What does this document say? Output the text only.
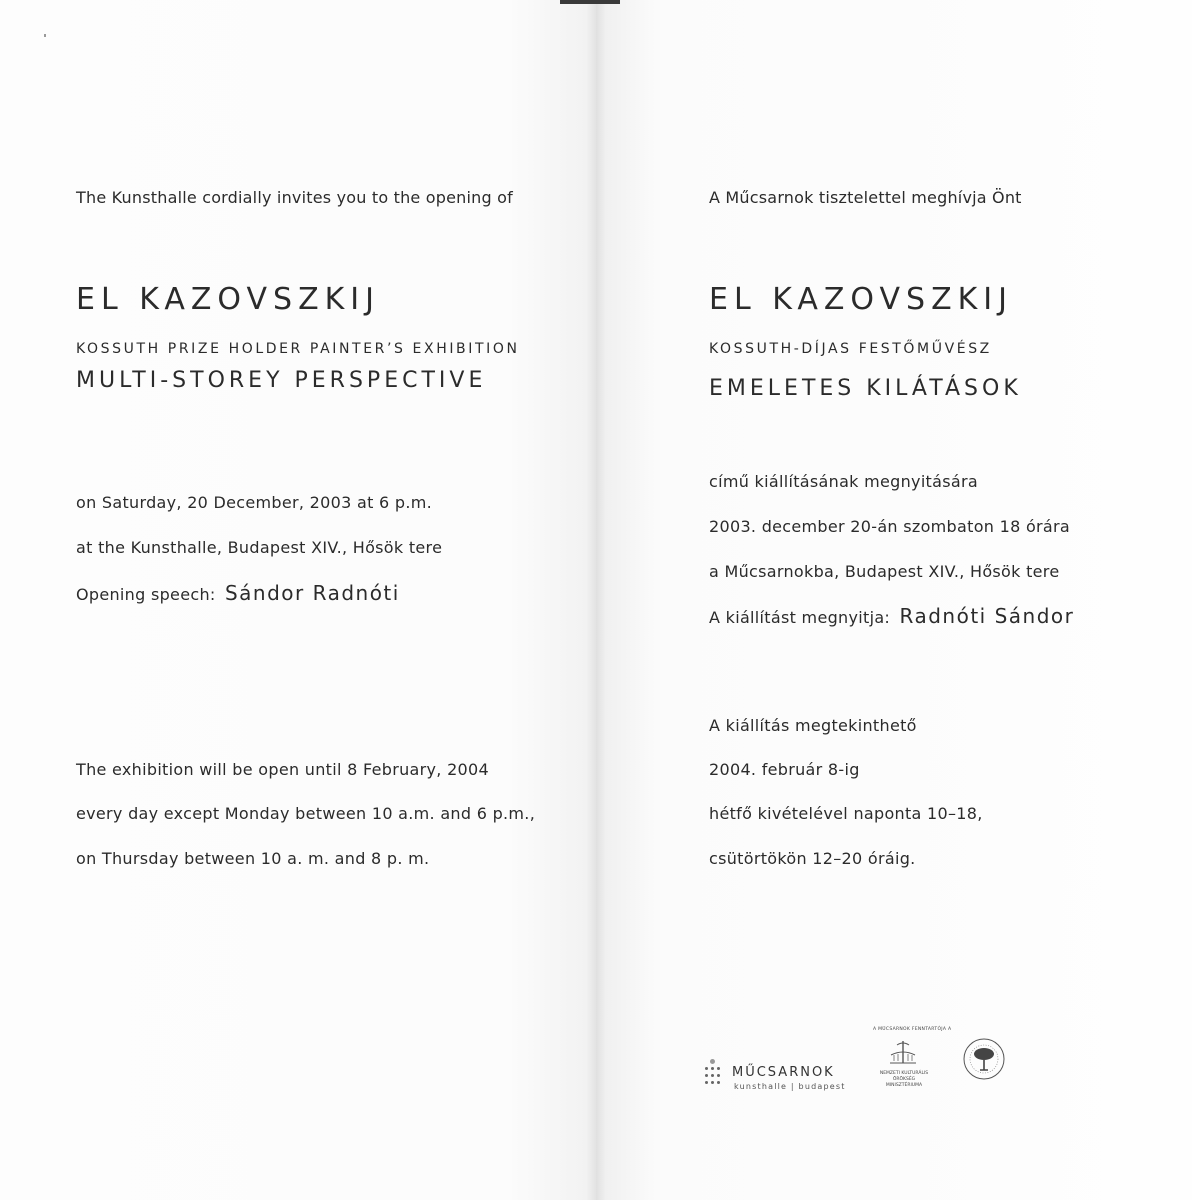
The Kunsthalle cordially invites you to the opening of
EL KAZOVSZKIJ
KOSSUTH PRIZE HOLDER PAINTER’S EXHIBITION
MULTI-STOREY PERSPECTIVE
on Saturday, 20 December, 2003 at 6 p.m.
at the Kunsthalle, Budapest XIV., Hősök tere
Opening speech: Sándor Radnóti
The exhibition will be open until 8 February, 2004
every day except Monday between 10 a.m. and 6 p.m.,
on Thursday between 10 a. m. and 8 p. m.
A Műcsarnok tisztelettel meghívja Önt
EL KAZOVSZKIJ
KOSSUTH-DÍJAS FESTŐMŰVÉSZ
EMELETES KILÁTÁSOK
című kiállításának megnyitására
2003. december 20-án szombaton 18 órára
a Műcsarnokba, Budapest XIV., Hősök tere
A kiállítást megnyitja: Radnóti Sándor
A kiállítás megtekinthető
2004. február 8-ig
hétfő kivételével naponta 10–18,
csütörtökön 12–20 óráig.
MŰCSARNOK
kunsthalle | budapest
A MŰCSARNOK FENNTARTÓJA A
NEMZETI KULTURÁLIS ÖRÖKSÉG MINISZTÉRIUMA
